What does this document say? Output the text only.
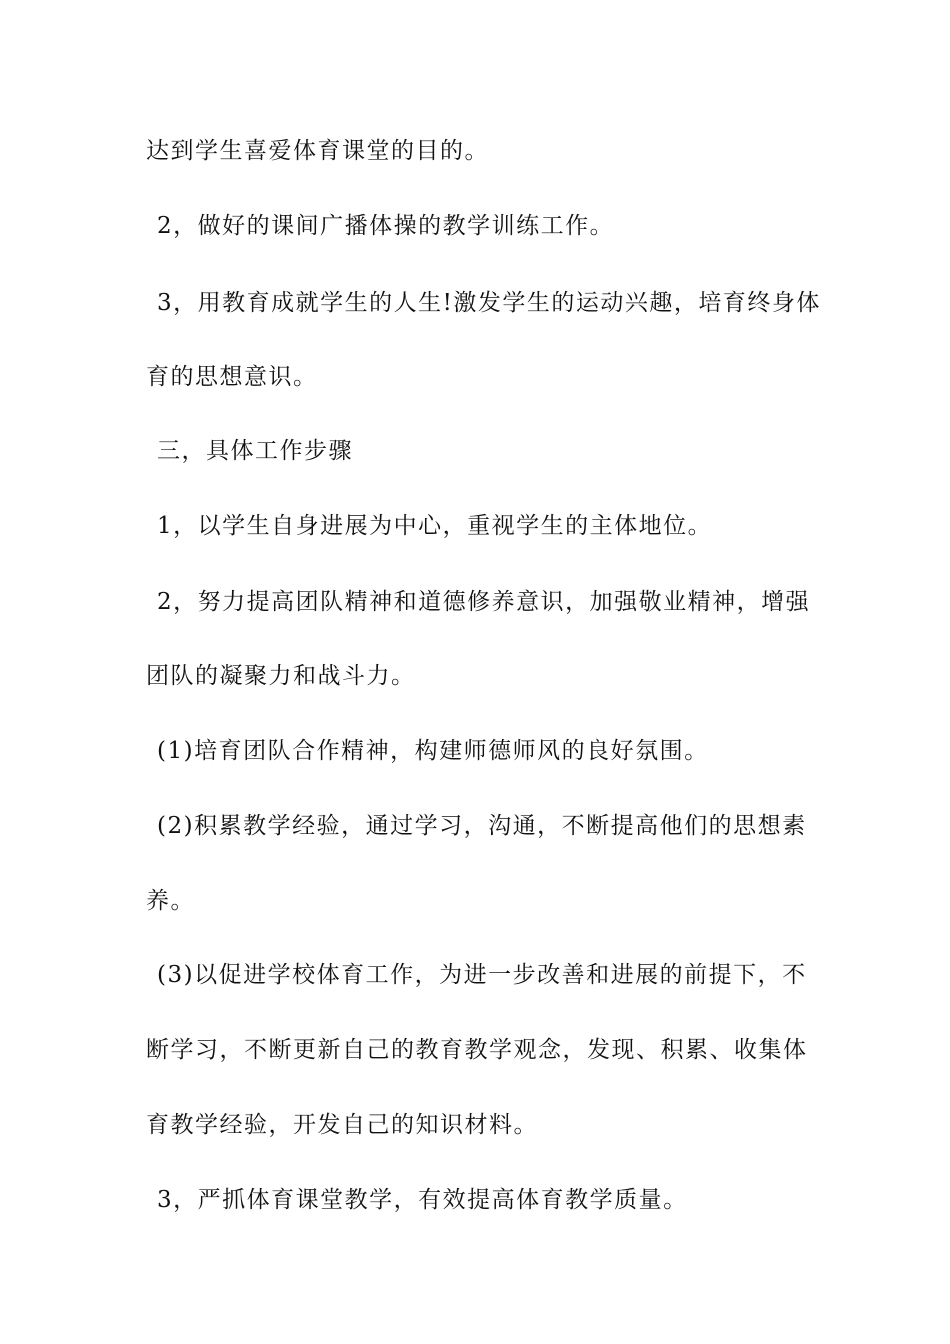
达到学生喜爱体育课堂的目的。
2，做好的课间广播体操的教学训练工作。
3，用教育成就学生的人生!激发学生的运动兴趣，培育终身体
育的思想意识。
三，具体工作步骤
1，以学生自身进展为中心，重视学生的主体地位。
2，努力提高团队精神和道德修养意识，加强敬业精神，增强
团队的凝聚力和战斗力。
(1)培育团队合作精神，构建师德师风的良好氛围。
(2)积累教学经验，通过学习，沟通，不断提高他们的思想素
养。
(3)以促进学校体育工作，为进一步改善和进展的前提下，不
断学习，不断更新自己的教育教学观念，发现、积累、收集体
育教学经验，开发自己的知识材料。
3，严抓体育课堂教学，有效提高体育教学质量。
